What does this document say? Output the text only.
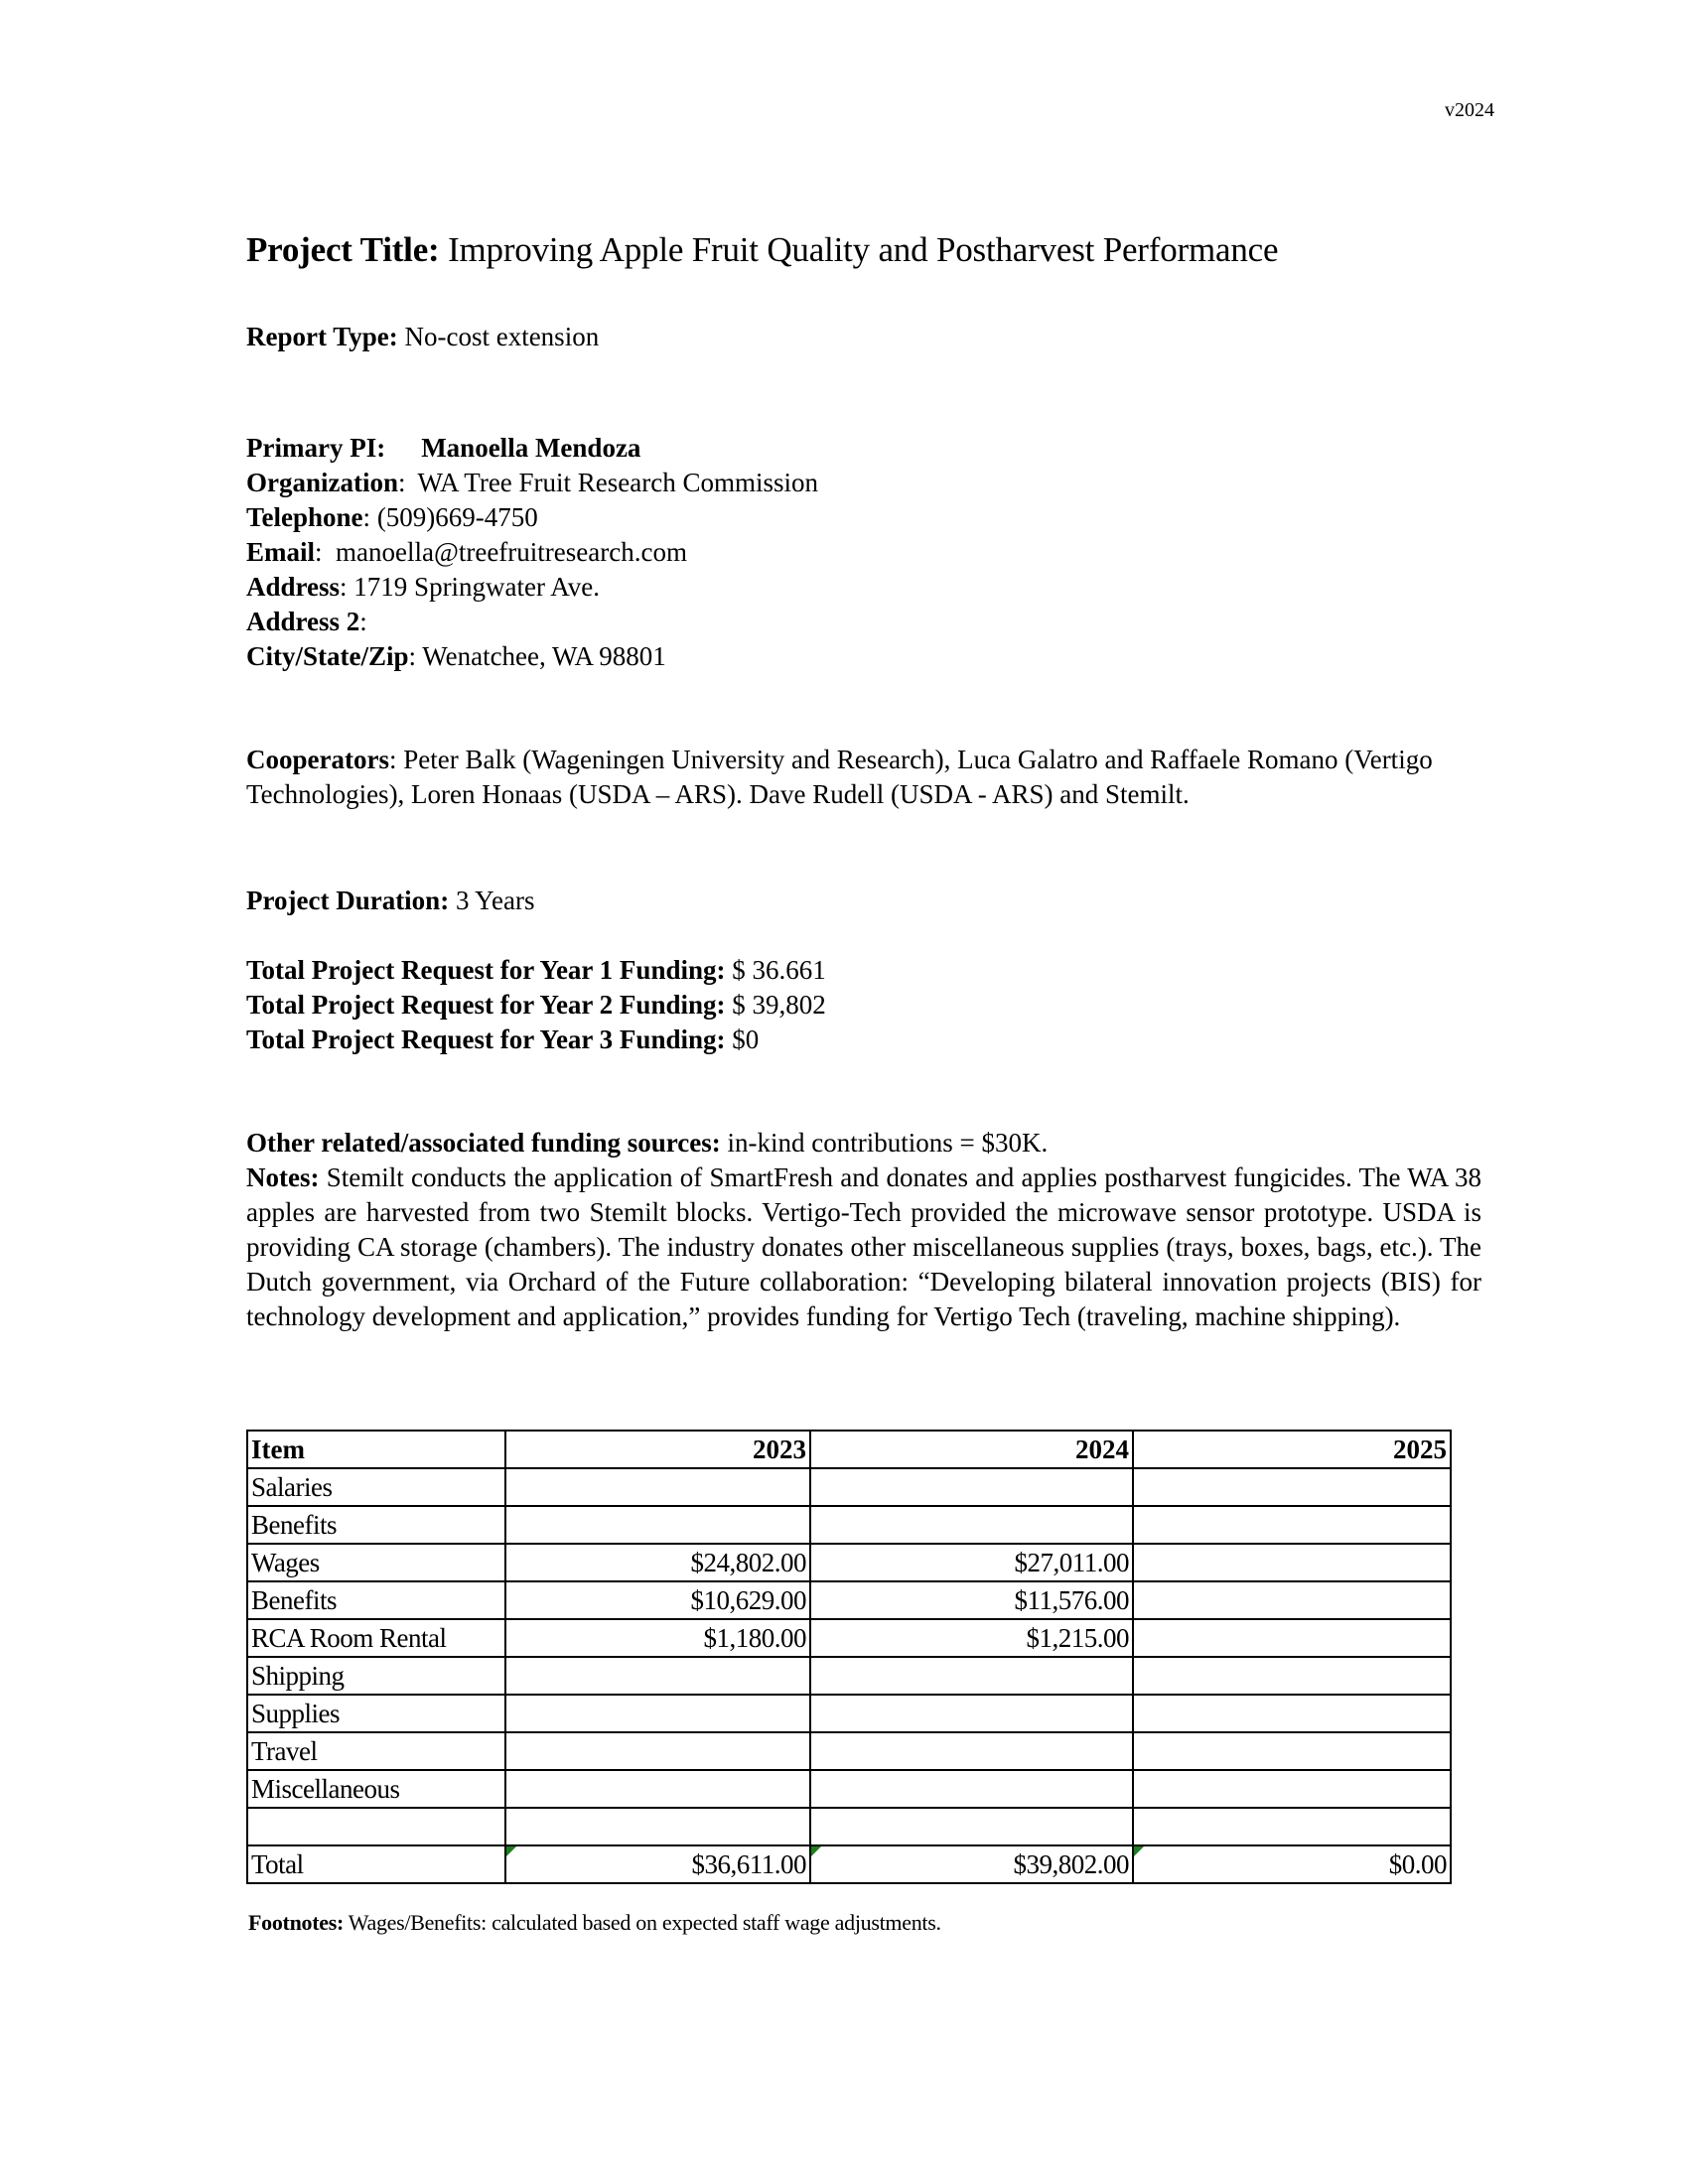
v2024
Project Title: Improving Apple Fruit Quality and Postharvest Performance
Report Type: No-cost extension
Primary PI: Manoella Mendoza
Organization: WA Tree Fruit Research Commission
Telephone: (509)669-4750
Email:  manoella@treefruitresearch.com
Address: 1719 Springwater Ave.
Address 2:
City/State/Zip: Wenatchee, WA 98801
Cooperators: Peter Balk (Wageningen University and Research), Luca Galatro and Raffaele Romano (Vertigo Technologies), Loren Honaas (USDA – ARS). Dave Rudell (USDA - ARS) and Stemilt.
Project Duration: 3 Years
Total Project Request for Year 1 Funding: $ 36.661
Total Project Request for Year 2 Funding: $ 39,802
Total Project Request for Year 3 Funding: $0
Other related/associated funding sources: in-kind contributions = $30K.
Notes: Stemilt conducts the application of SmartFresh and donates and applies postharvest fungicides. The WA 38 apples are harvested from two Stemilt blocks. Vertigo-Tech provided the microwave sensor prototype. USDA is providing CA storage (chambers). The industry donates other miscellaneous supplies (trays, boxes, bags, etc.). The Dutch government, via Orchard of the Future collaboration: “Developing bilateral innovation projects (BIS) for technology development and application,” provides funding for Vertigo Tech (traveling, machine shipping).
Item	2023	2024	2025
Salaries			
Benefits			
Wages	$24,802.00	$27,011.00	
Benefits	$10,629.00	$11,576.00	
RCA Room Rental	$1,180.00	$1,215.00	
Shipping			
Supplies			
Travel			
Miscellaneous			

Total	$36,611.00	$39,802.00	$0.00
Footnotes: Wages/Benefits: calculated based on expected staff wage adjustments.
